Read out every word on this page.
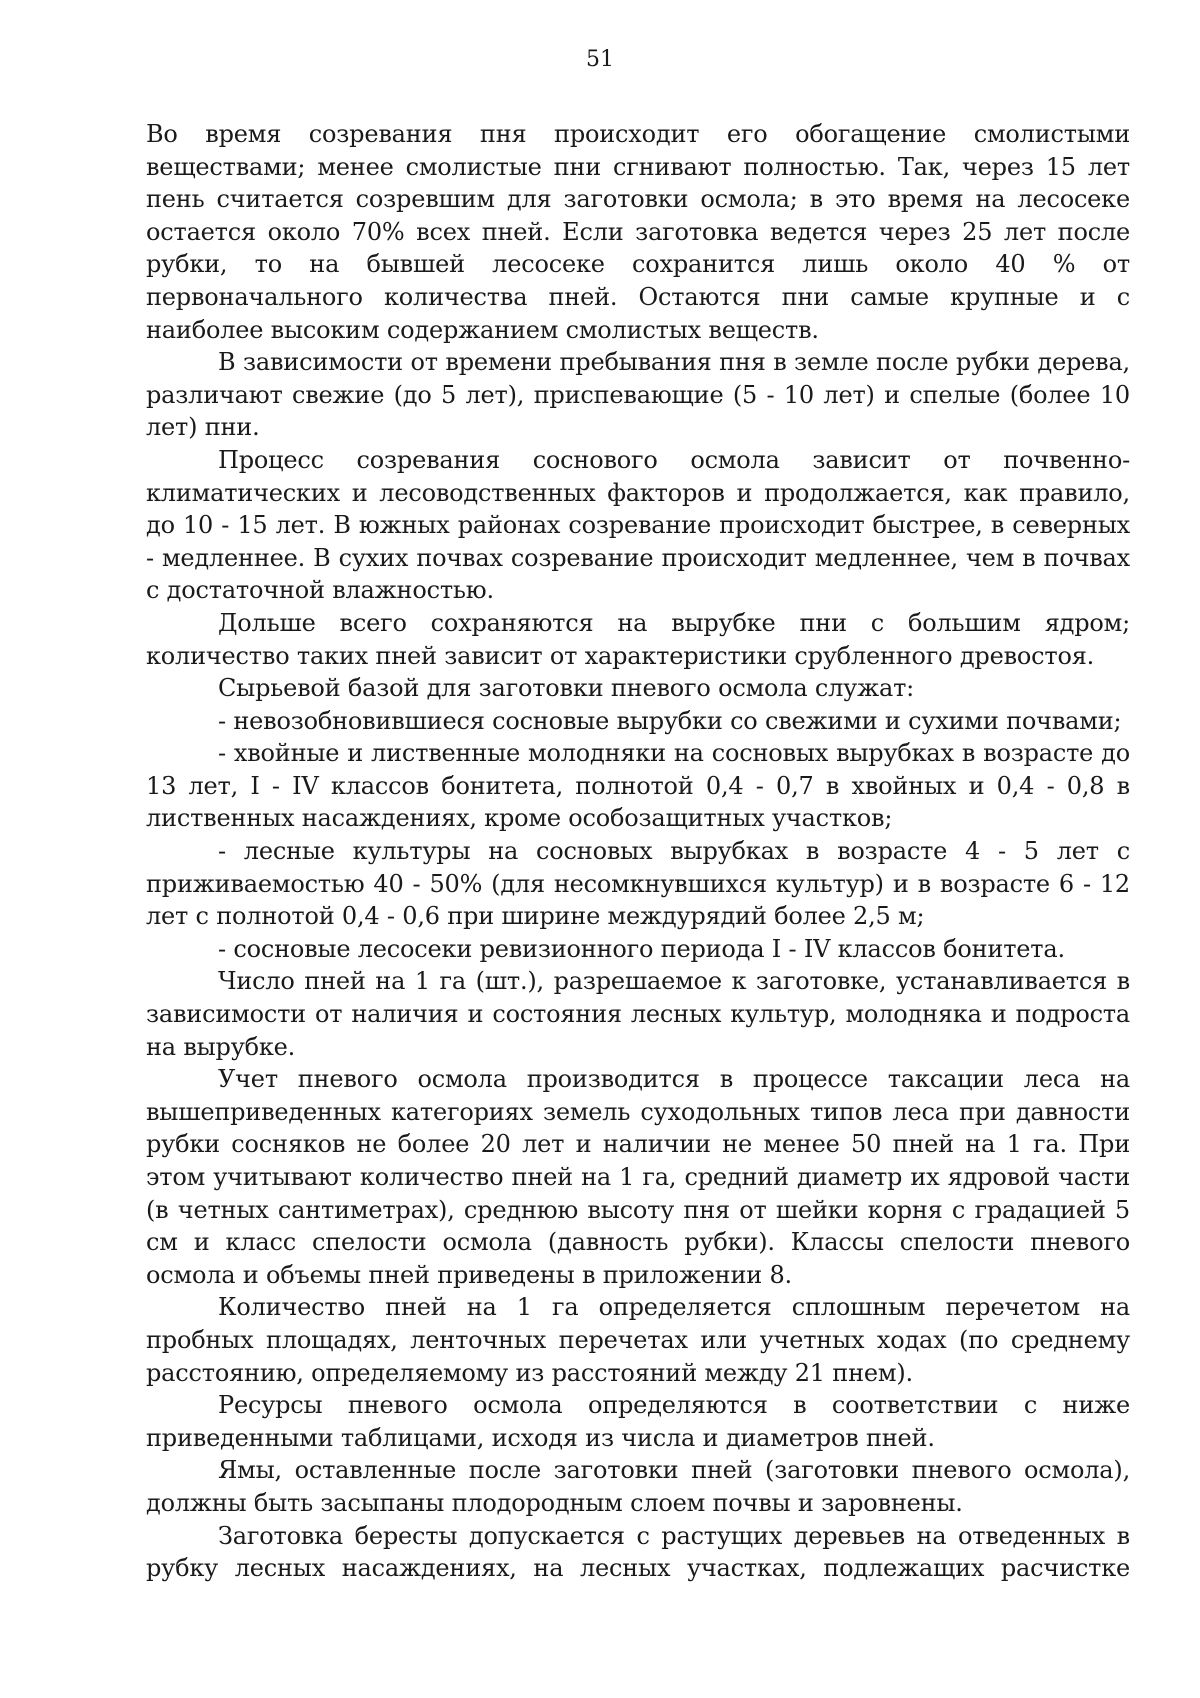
51

Во время созревания пня происходит его обогащение смолистыми веществами; менее смолистые пни сгнивают полностью. Так, через 15 лет пень считается созревшим для заготовки осмола; в это время на лесосеке остается около 70% всех пней. Если заготовка ведется через 25 лет после рубки, то на бывшей лесосеке сохранится лишь около 40 % от первоначального количества пней. Остаются пни самые крупные и с наиболее высоким содержанием смолистых веществ.

В зависимости от времени пребывания пня в земле после рубки дерева, различают свежие (до 5 лет), приспевающие (5 - 10 лет) и спелые (более 10 лет) пни.

Процесс созревания соснового осмола зависит от почвенно-климатических и лесоводственных факторов и продолжается, как правило, до 10 - 15 лет. В южных районах созревание происходит быстрее, в северных - медленнее. В сухих почвах созревание происходит медленнее, чем в почвах с достаточной влажностью.

Дольше всего сохраняются на вырубке пни с большим ядром; количество таких пней зависит от характеристики срубленного древостоя.

Сырьевой базой для заготовки пневого осмола служат:

- невозобновившиеся сосновые вырубки со свежими и сухими почвами;

- хвойные и лиственные молодняки на сосновых вырубках в возрасте до 13 лет, I - IV классов бонитета, полнотой 0,4 - 0,7 в хвойных и 0,4 - 0,8 в лиственных насаждениях, кроме особозащитных участков;

- лесные культуры на сосновых вырубках в возрасте 4 - 5 лет с приживаемостью 40 - 50% (для несомкнувшихся культур) и в возрасте 6 - 12 лет с полнотой 0,4 - 0,6 при ширине междурядий более 2,5 м;

- сосновые лесосеки ревизионного периода I - IV классов бонитета.

Число пней на 1 га (шт.), разрешаемое к заготовке, устанавливается в зависимости от наличия и состояния лесных культур, молодняка и подроста на вырубке.

Учет пневого осмола производится в процессе таксации леса на вышеприведенных категориях земель суходольных типов леса при давности рубки сосняков не более 20 лет и наличии не менее 50 пней на 1 га. При этом учитывают количество пней на 1 га, средний диаметр их ядровой части (в четных сантиметрах), среднюю высоту пня от шейки корня с градацией 5 см и класс спелости осмола (давность рубки). Классы спелости пневого осмола и объемы пней приведены в приложении 8.

Количество пней на 1 га определяется сплошным перечетом на пробных площадях, ленточных перечетах или учетных ходах (по среднему расстоянию, определяемому из расстояний между 21 пнем).

Ресурсы пневого осмола определяются в соответствии с ниже приведенными таблицами, исходя из числа и диаметров пней.

Ямы, оставленные после заготовки пней (заготовки пневого осмола), должны быть засыпаны плодородным слоем почвы и заровнены.

Заготовка бересты допускается с растущих деревьев на отведенных в рубку лесных насаждениях, на лесных участках, подлежащих расчистке
